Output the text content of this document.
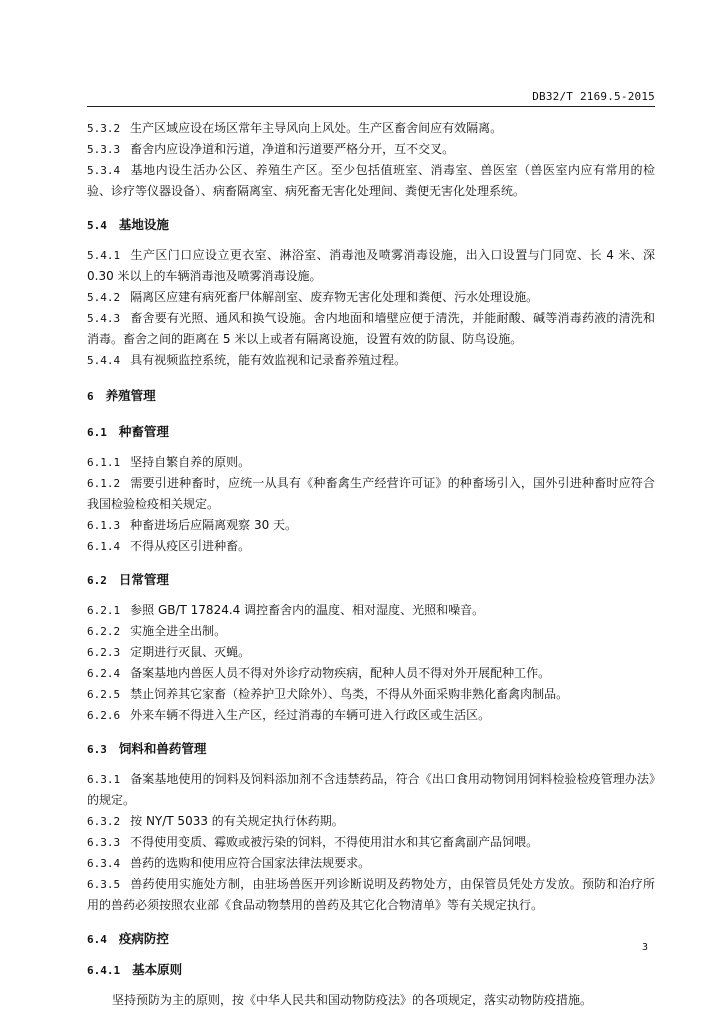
DB32/T 2169.5-2015

5.3.2 生产区域应设在场区常年主导风向上风处。生产区畜舍间应有效隔离。

5.3.3 畜舍内应设净道和污道，净道和污道要严格分开，互不交叉。

5.3.4 基地内设生活办公区、养殖生产区。至少包括值班室、消毒室、兽医室（兽医室内应有常用的检验、诊疗等仪器设备）、病畜隔离室、病死畜无害化处理间、粪便无害化处理系统。

5.4 基地设施

5.4.1 生产区门口应设立更衣室、淋浴室、消毒池及喷雾消毒设施，出入口设置与门同宽、长 4 米、深 0.30 米以上的车辆消毒池及喷雾消毒设施。

5.4.2 隔离区应建有病死畜尸体解剖室、废弃物无害化处理和粪便、污水处理设施。

5.4.3 畜舍要有光照、通风和换气设施。舍内地面和墙壁应便于清洗，并能耐酸、碱等消毒药液的清洗和消毒。畜舍之间的距离在 5 米以上或者有隔离设施，设置有效的防鼠、防鸟设施。

5.4.4 具有视频监控系统，能有效监视和记录畜养殖过程。

6 养殖管理

6.1 种畜管理

6.1.1 坚持自繁自养的原则。

6.1.2 需要引进种畜时，应统一从具有《种畜禽生产经营许可证》的种畜场引入，国外引进种畜时应符合我国检验检疫相关规定。

6.1.3 种畜进场后应隔离观察 30 天。

6.1.4 不得从疫区引进种畜。

6.2 日常管理

6.2.1 参照 GB/T 17824.4 调控畜舍内的温度、相对湿度、光照和噪音。

6.2.2 实施全进全出制。

6.2.3 定期进行灭鼠、灭蝇。

6.2.4 备案基地内兽医人员不得对外诊疗动物疾病，配种人员不得对外开展配种工作。

6.2.5 禁止饲养其它家畜（检养护卫犬除外）、鸟类，不得从外面采购非熟化畜禽肉制品。

6.2.6 外来车辆不得进入生产区，经过消毒的车辆可进入行政区或生活区。

6.3 饲料和兽药管理

6.3.1 备案基地使用的饲料及饲料添加剂不含违禁药品，符合《出口食用动物饲用饲料检验检疫管理办法》的规定。

6.3.2 按 NY/T 5033 的有关规定执行休药期。

6.3.3 不得使用变质、霉败或被污染的饲料，不得使用泔水和其它畜禽副产品饲喂。

6.3.4 兽药的选购和使用应符合国家法律法规要求。

6.3.5 兽药使用实施处方制，由驻场兽医开列诊断说明及药物处方，由保管员凭处方发放。预防和治疗所用的兽药必须按照农业部《食品动物禁用的兽药及其它化合物清单》等有关规定执行。

6.4 疫病防控

6.4.1 基本原则

坚持预防为主的原则，按《中华人民共和国动物防疫法》的各项规定，落实动物防疫措施。

3
